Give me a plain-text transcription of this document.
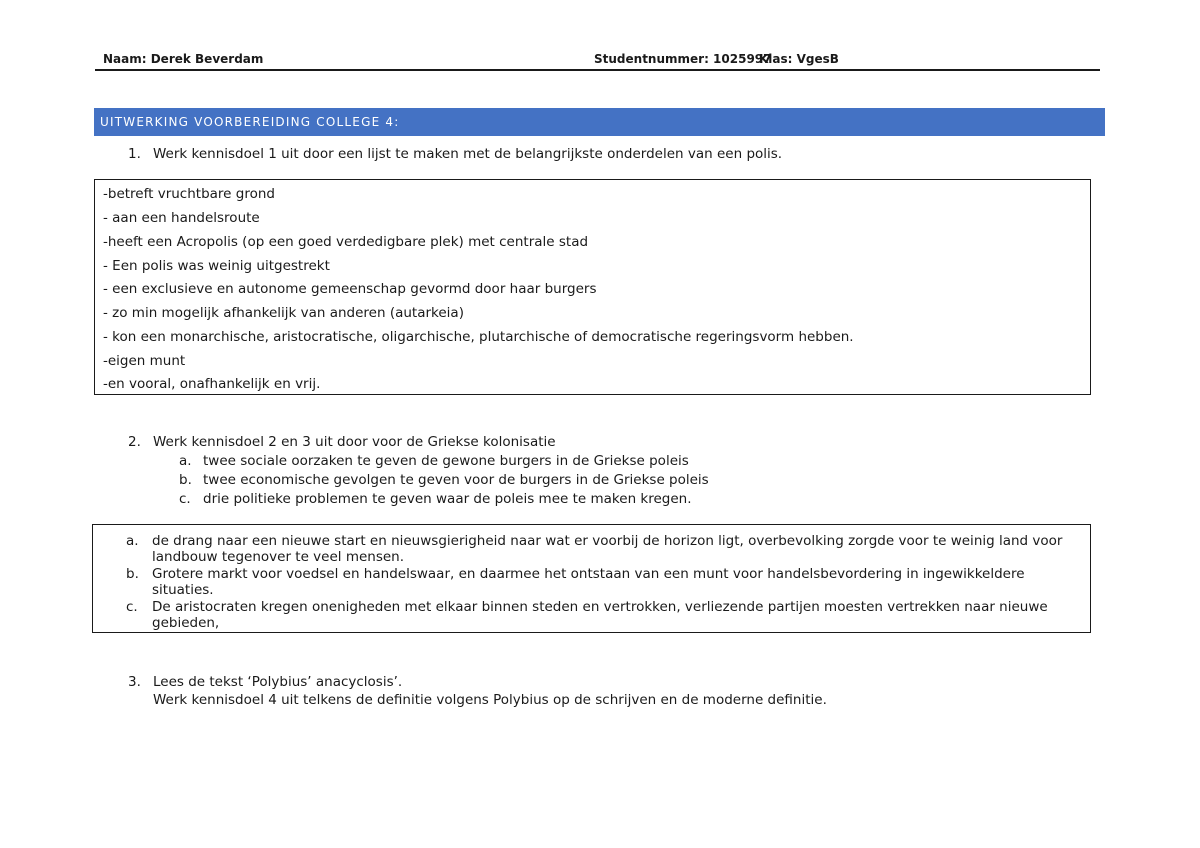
Naam: Derek Beverdam	Studentnummer: 1025997
Klas: VgesB
UITWERKING VOORBEREIDING COLLEGE 4:
1. Werk kennisdoel 1 uit door een lijst te maken met de belangrijkste onderdelen van een polis.
-betreft vruchtbare grond
- aan een handelsroute
-heeft een Acropolis (op een goed verdedigbare plek) met centrale stad
- Een polis was weinig uitgestrekt
- een exclusieve en autonome gemeenschap gevormd door haar burgers
- zo min mogelijk afhankelijk van anderen (autarkeia)
- kon een monarchische, aristocratische, oligarchische, plutarchische of democratische regeringsvorm hebben.
-eigen munt
-en vooral, onafhankelijk en vrij.
2. Werk kennisdoel 2 en 3 uit door voor de Griekse kolonisatie
a. twee sociale oorzaken te geven de gewone burgers in de Griekse poleis
b. twee economische gevolgen te geven voor de burgers in de Griekse poleis
c. drie politieke problemen te geven waar de poleis mee te maken kregen.
a. de drang naar een nieuwe start en nieuwsgierigheid naar wat er voorbij de horizon ligt, overbevolking zorgde voor te weinig land voor landbouw tegenover te veel mensen.
b. Grotere markt voor voedsel en handelswaar, en daarmee het ontstaan van een munt voor handelsbevordering in ingewikkeldere situaties.
c. De aristocraten kregen onenigheden met elkaar binnen steden en vertrokken, verliezende partijen moesten vertrekken naar nieuwe gebieden,
3. Lees de tekst ‘Polybius’ anacyclosis’.
Werk kennisdoel 4 uit telkens de definitie volgens Polybius op de schrijven en de moderne definitie.
